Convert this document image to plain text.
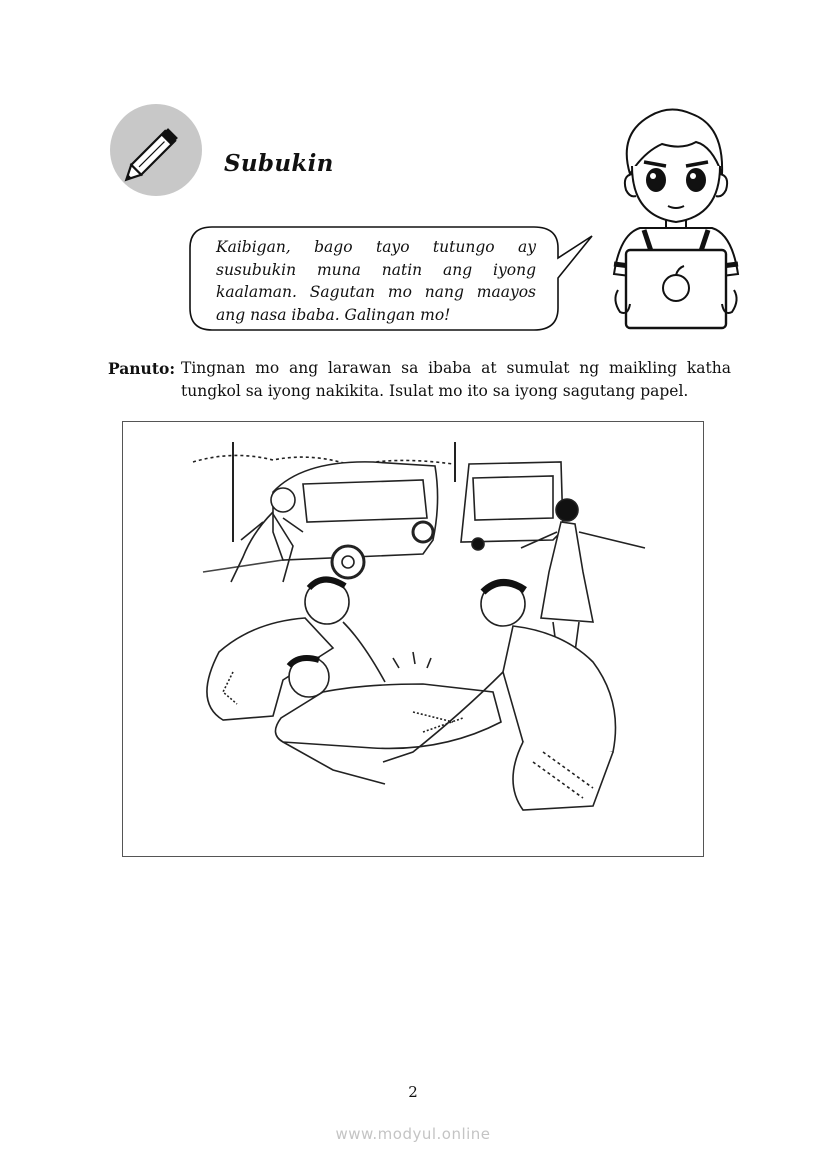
Subukin
Kaibigan, bago tayo tutungo ay susubukin muna natin ang iyong kaalaman. Sagutan mo nang maayos ang nasa ibaba. Galingan mo!
Panuto: Tingnan mo ang larawan sa ibaba at sumulat ng maikling katha tungkol sa iyong nakikita. Isulat mo ito sa iyong sagutang papel.
2
www.modyul.online
